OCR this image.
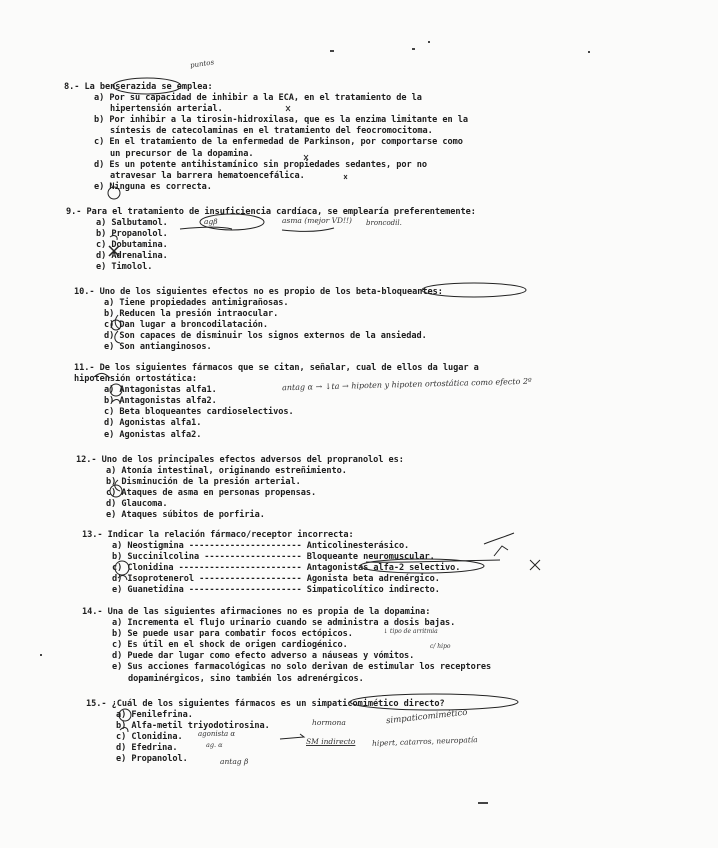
8.- La benserazida se emplea:
a) Por su capacidad de inhibir a la ECA, en el tratamiento de la
hipertensión arterial.
b) Por inhibir a la tirosin-hidroxilasa, que es la enzima limitante en la
síntesis de catecolaminas en el tratamiento del feocromocitoma.
c) En el tratamiento de la enfermedad de Parkinson, por comportarse como
un precursor de la dopamina.
d) Es un potente antihistamínico sin propiedades sedantes, por no
atravesar la barrera hematoencefálica.
e) Ninguna es correcta.
9.- Para el tratamiento de insuficiencia cardíaca, se emplearía preferentemente:
a) Salbutamol.
b) Propanolol.
c) Dobutamina.
d) Adrenalina.
e) Timolol.
10.- Uno de los siguientes efectos no es propio de los beta-bloqueantes:
a) Tiene propiedades antimigrañosas.
b) Reducen la presión intraocular.
c) Dan lugar a broncodilatación.
d) Son capaces de disminuir los signos externos de la ansiedad.
e) Son antianginosos.
11.- De los siguientes fármacos que se citan, señalar, cual de ellos da lugar a
hipotensión ortostática:
a) Antagonistas alfa1.
b) Antagonistas alfa2.
c) Beta bloqueantes cardioselectivos.
d) Agonistas alfa1.
e) Agonistas alfa2.
12.- Uno de los principales efectos adversos del propranolol es:
a) Atonía intestinal, originando estreñimiento.
b) Disminución de la presión arterial.
c) Ataques de asma en personas propensas.
d) Glaucoma.
e) Ataques súbitos de porfiria.
13.- Indicar la relación fármaco/receptor incorrecta:
a) Neostigmina ---------------------- Anticolinesterásico.
b) Succinilcolina ------------------- Bloqueante neuromuscular.
c) Clonidina ------------------------ Antagonistas alfa-2 selectivo.
d) Isoprotenerol -------------------- Agonista beta adrenérgico.
e) Guanetidina ---------------------- Simpaticolítico indirecto.
14.- Una de las siguientes afirmaciones no es propia de la dopamina:
a) Incrementa el flujo urinario cuando se administra a dosis bajas.
b) Se puede usar para combatir focos ectópicos.
c) Es útil en el shock de origen cardiogénico.
d) Puede dar lugar como efecto adverso a náuseas y vómitos.
e) Sus acciones farmacológicas no solo derivan de estimular los receptores
dopaminérgicos, sino también los adrenérgicos.
15.- ¿Cuál de los siguientes fármacos es un simpaticomimético directo?
a) Fenilefrina.
b) Alfa-metil triyodotirosina.
c) Clonidina.
d) Efedrina.
e) Propanolol.
puntos
agβ	asma (mejor VD!!) broncodil.
antag α → ↓ta → hipoten y hipoten ortostática como efecto 2º
hormona
agonista α
SM indirecto hipert, catarros, neuropatía
antag β
ag. α
simpaticomimético
c/ hipo
↓ tipo de arritmia
